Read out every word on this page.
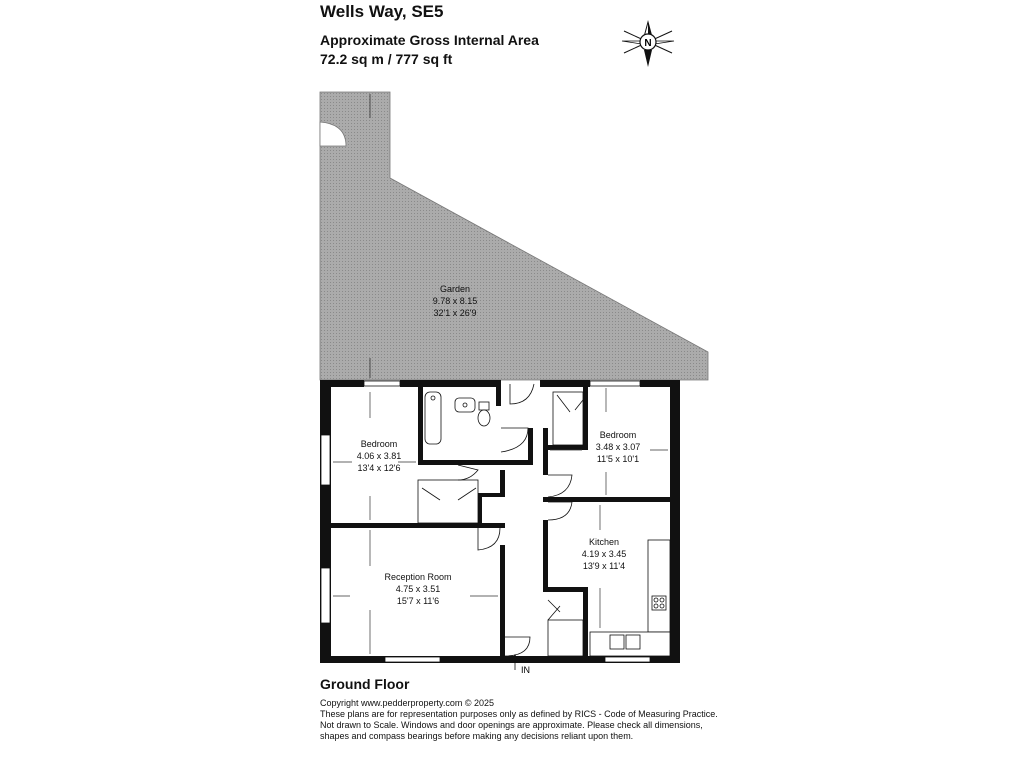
Wells Way, SE5
Approximate Gross Internal Area
72.2 sq m / 777 sq ft
N
Garden
9.78 x 8.15
32'1 x 26'9
Bedroom
4.06 x 3.81
13'4 x 12'6
Bedroom
3.48 x 3.07
11'5 x 10'1
Kitchen
4.19 x 3.45
13'9 x 11'4
Reception Room
4.75 x 3.51
15'7 x 11'6
IN
Ground Floor
Copyright www.pedderproperty.com © 2025
These plans are for representation purposes only as defined by RICS - Code of Measuring Practice. Not drawn to Scale. Windows and door openings are approximate. Please check all dimensions, shapes and compass bearings before making any decisions reliant upon them.
